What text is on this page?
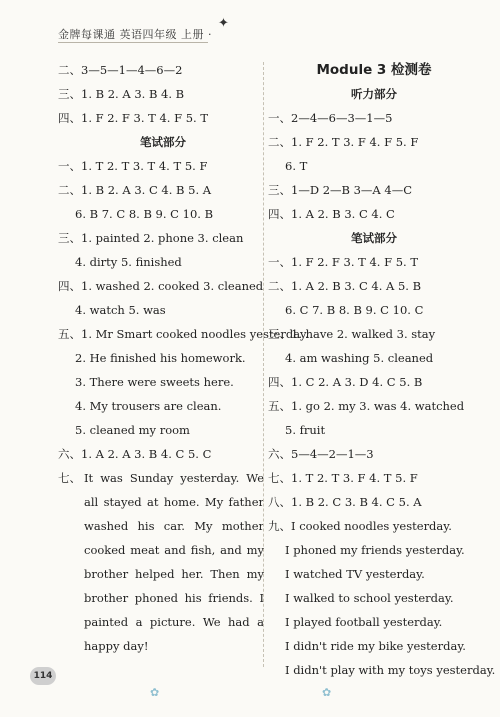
金牌每课通 英语四年级 上册 ·
✦
二、3—5—1—4—6—2
三、1. B 2. A 3. B 4. B
四、1. F 2. F 3. T 4. F 5. T
笔试部分
一、1. T 2. T 3. T 4. T 5. F
二、1. B 2. A 3. C 4. B 5. A
6. B 7. C 8. B 9. C 10. B
三、1. painted 2. phone 3. clean
4. dirty 5. finished
四、1. washed 2. cooked 3. cleaned
4. watch 5. was
五、1. Mr Smart cooked noodles yesterday.
2. He finished his homework.
3. There were sweets here.
4. My trousers are clean.
5. cleaned my room
六、1. A 2. A 3. B 4. C 5. C
七、 It was Sunday yesterday. We all stayed at home. My father washed his car. My mother cooked meat and fish, and my brother helped her. Then my brother phoned his friends. I painted a picture. We had a happy day!
Module 3 检测卷
听力部分
一、2—4—6—3—1—5
二、1. F 2. T 3. F 4. F 5. F
6. T
三、1—D 2—B 3—A 4—C
四、1. A 2. B 3. C 4. C
笔试部分
一、1. F 2. F 3. T 4. F 5. T
二、1. A 2. B 3. C 4. A 5. B
6. C 7. B 8. B 9. C 10. C
三、1. have 2. walked 3. stay
4. am washing 5. cleaned
四、1. C 2. A 3. D 4. C 5. B
五、1. go 2. my 3. was 4. watched
5. fruit
六、5—4—2—1—3
七、1. T 2. T 3. F 4. T 5. F
八、1. B 2. C 3. B 4. C 5. A
九、I cooked noodles yesterday.
I phoned my friends yesterday.
I watched TV yesterday.
I walked to school yesterday.
I played football yesterday.
I didn't ride my bike yesterday.
I didn't play with my toys yesterday.
114
✿	✿
